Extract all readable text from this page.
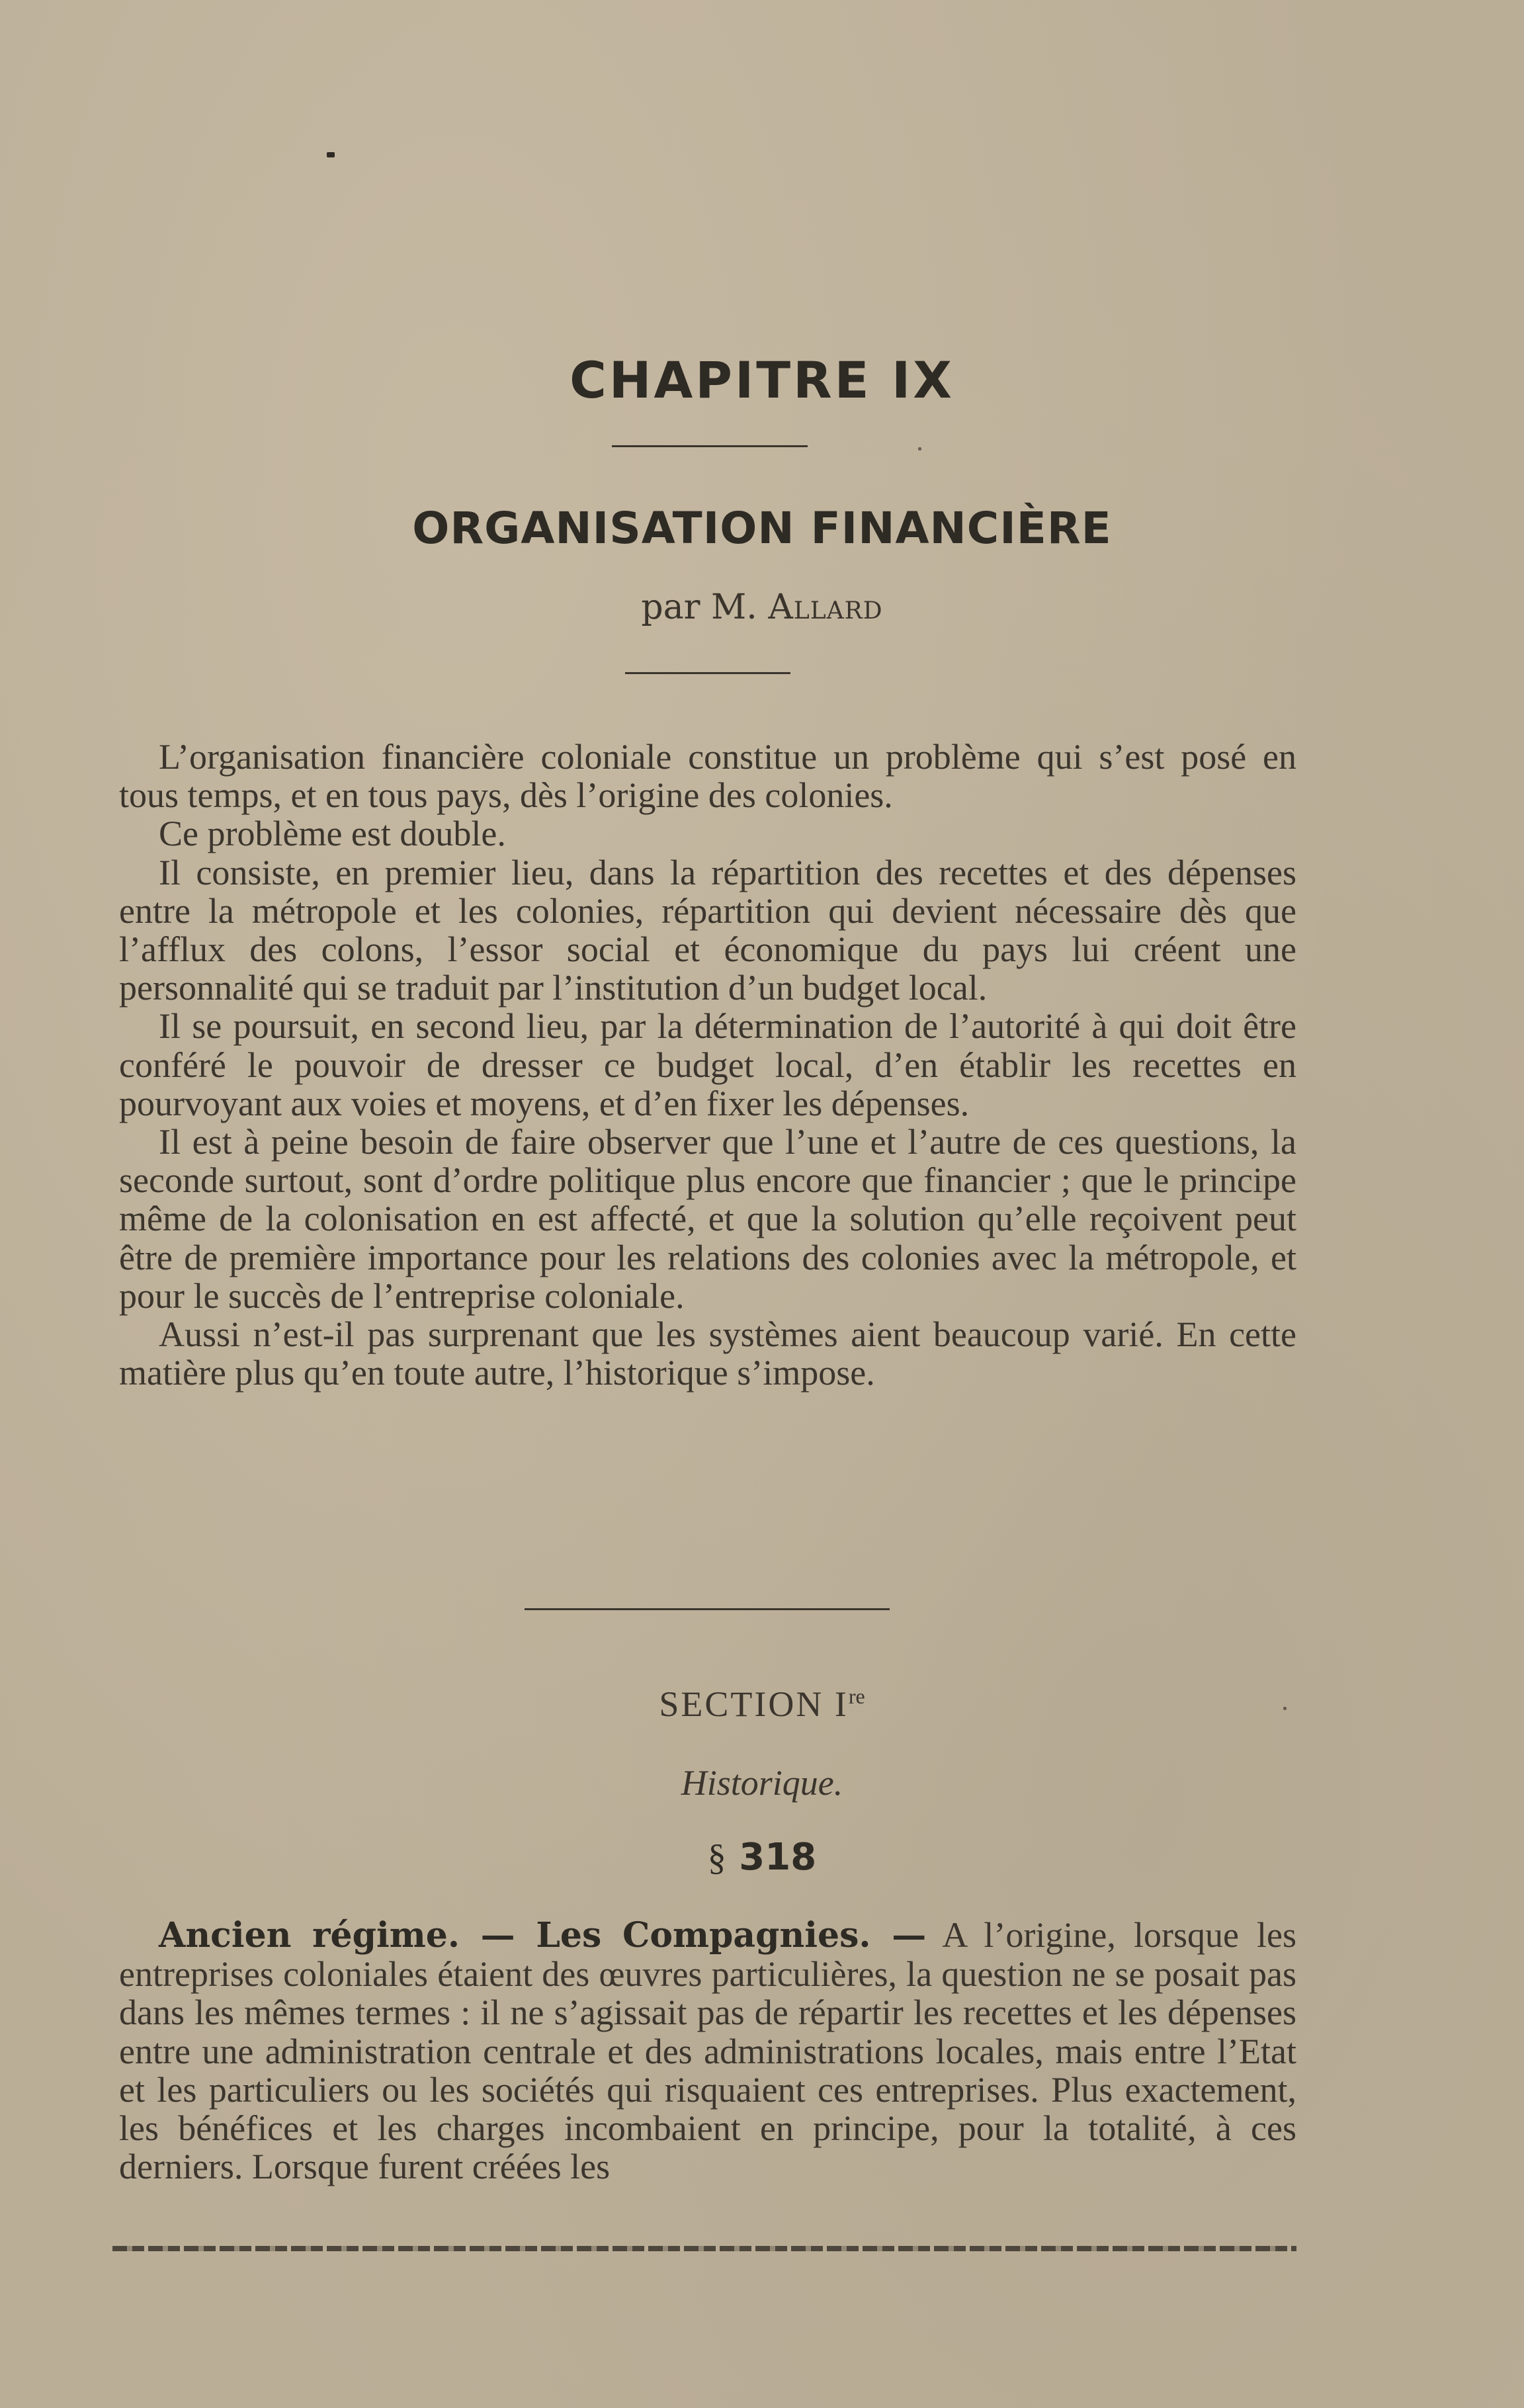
CHAPITRE IX
ORGANISATION FINANCIÈRE
par M. Allard

L’organisation financière coloniale constitue un problème qui s’est posé en tous temps, et en tous pays, dès l’origine des colonies.

Ce problème est double.

Il consiste, en premier lieu, dans la répartition des recettes et des dépenses entre la métropole et les colonies, répartition qui devient nécessaire dès que l’afflux des colons, l’essor social et économique du pays lui créent une personnalité qui se traduit par l’institution d’un budget local.

Il se poursuit, en second lieu, par la détermination de l’autorité à qui doit être conféré le pouvoir de dresser ce budget local, d’en établir les recettes en pourvoyant aux voies et moyens, et d’en fixer les dépenses.

Il est à peine besoin de faire observer que l’une et l’autre de ces questions, la seconde surtout, sont d’ordre politique plus encore que financier ; que le principe même de la colonisation en est affecté, et que la solution qu’elle reçoivent peut être de première importance pour les relations des colonies avec la métropole, et pour le succès de l’entreprise coloniale.

Aussi n’est-il pas surprenant que les systèmes aient beaucoup varié. En cette matière plus qu’en toute autre, l’historique s’impose.

SECTION Ire
Historique.
§ 318

Ancien régime. — Les Compagnies. — A l’origine, lorsque les entreprises coloniales étaient des œuvres particulières, la question ne se posait pas dans les mêmes termes : il ne s’agissait pas de répartir les recettes et les dépenses entre une administration centrale et des administrations locales, mais entre l’Etat et les particuliers ou les sociétés qui risquaient ces entreprises. Plus exactement, les bénéfices et les charges incombaient en principe, pour la totalité, à ces derniers. Lorsque furent créées les
